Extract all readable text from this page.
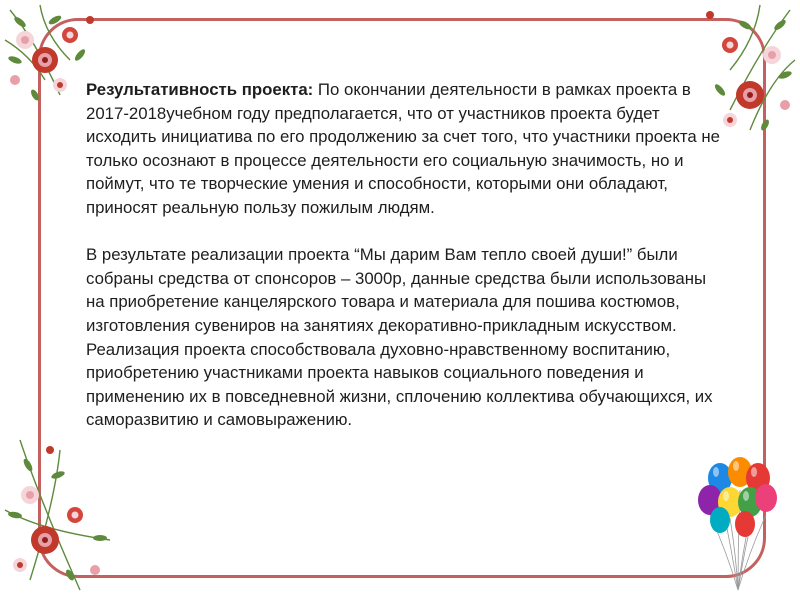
Результативность проекта: По окончании деятельности в рамках проекта в 2017-2018учебном году предполагается, что от участников проекта будет исходить инициатива по его продолжению за счет того, что участники проекта не только осознают в процессе деятельности его социальную значимость, но и поймут, что те творческие умения и способности, которыми они обладают, приносят реальную пользу пожилым людям.

В результате реализации проекта “Мы дарим Вам тепло своей души!” были собраны средства от спонсоров – 3000р, данные средства были использованы на приобретение канцелярского товара и материала для пошива костюмов, изготовления сувениров на занятиях декоративно-прикладным искусством.

Реализация проекта способствовала духовно-нравственному воспитанию, приобретению участниками проекта навыков социального поведения и применению их в повседневной жизни, сплочению коллектива обучающихся, их саморазвитию и самовыражению.
